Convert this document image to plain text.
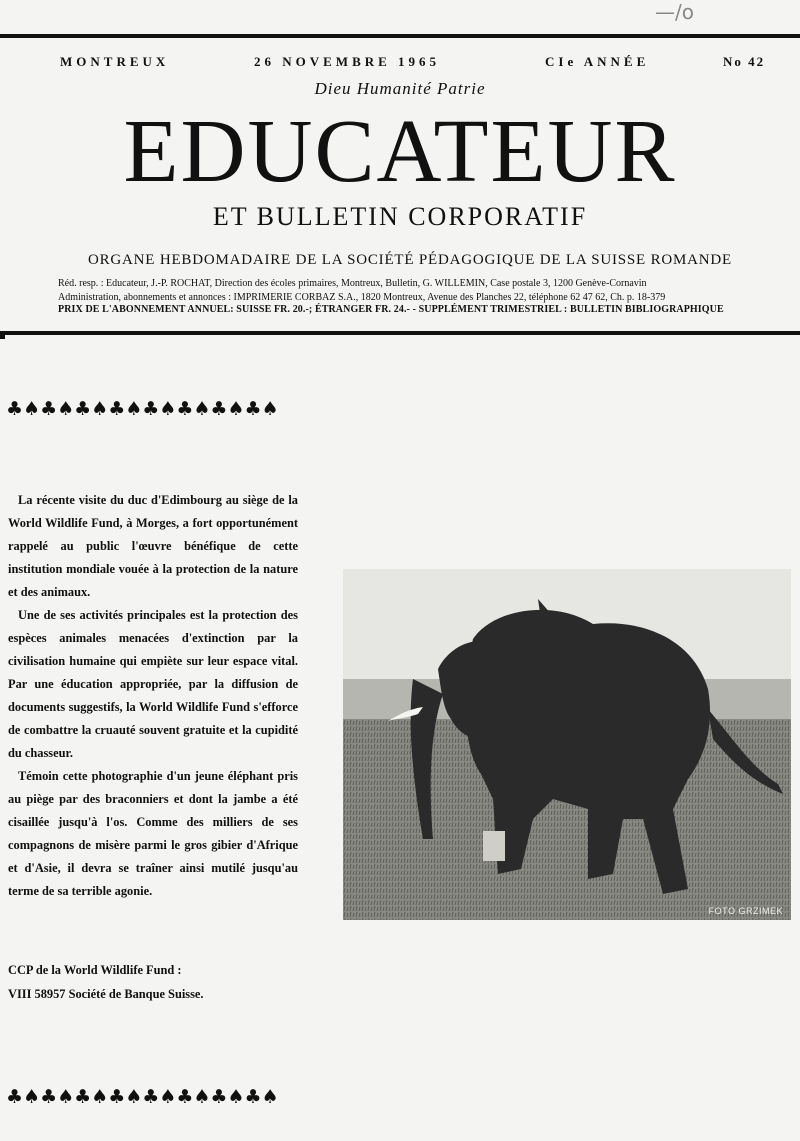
—/o
MONTREUX	26 NOVEMBRE 1965	CIe ANNÉE	No 42
Dieu Humanité Patrie
EDUCATEUR
ET BULLETIN CORPORATIF
ORGANE HEBDOMADAIRE DE LA SOCIÉTÉ PÉDAGOGIQUE DE LA SUISSE ROMANDE
Réd. resp. : Educateur, J.-P. ROCHAT, Direction des écoles primaires, Montreux, Bulletin, G. WILLEMIN, Case postale 3, 1200 Genève-Cornavin
Administration, abonnements et annonces : IMPRIMERIE CORBAZ S.A., 1820 Montreux, Avenue des Planches 22, téléphone 62 47 62, Ch. p. 18-379
PRIX DE L'ABONNEMENT ANNUEL: SUISSE FR. 20.-; ÉTRANGER FR. 24.- - SUPPLÉMENT TRIMESTRIEL : BULLETIN BIBLIOGRAPHIQUE
♣♠♣♠♣♠♣♠♣♠♣♠♣♠♣♠

La récente visite du duc d'Edimbourg au siège de la World Wildlife Fund, à Morges, a fort opportunément rappelé au public l'œuvre bénéfique de cette institution mondiale vouée à la protection de la nature et des animaux.

Une de ses activités principales est la protection des espèces animales menacées d'extinction par la civilisation humaine qui empiète sur leur espace vital. Par une éducation appropriée, par la diffusion de documents suggestifs, la World Wildlife Fund s'efforce de combattre la cruauté souvent gratuite et la cupidité du chasseur.

Témoin cette photographie d'un jeune éléphant pris au piège par des braconniers et dont la jambe a été cisaillée jusqu'à l'os. Comme des milliers de ses compagnons de misère parmi le gros gibier d'Afrique et d'Asie, il devra se traîner ainsi mutilé jusqu'au terme de sa terrible agonie.

CCP de la World Wildlife Fund :
VIII 58957 Société de Banque Suisse.
FOTO GRZIMEK
♣♠♣♠♣♠♣♠♣♠♣♠♣♠♣♠
